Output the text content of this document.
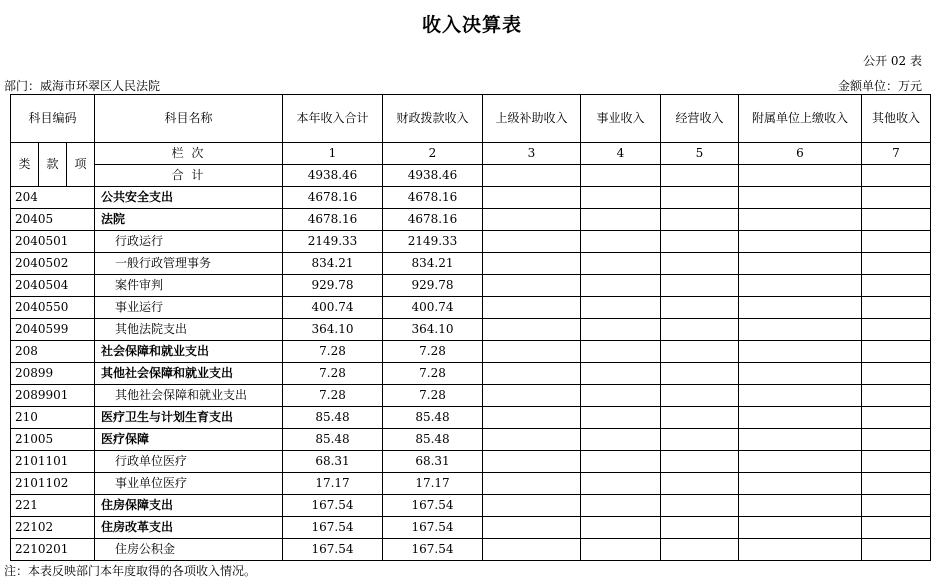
收入决算表
公开 02 表
部门：威海市环翠区人民法院	金额单位：万元
科目编码			科目名称	本年收入合计	财政拨款收入	上级补助收入	事业收入	经营收入	附属单位上缴收入	其他收入
类	款	项	栏 次	1	2	3	4	5	6	7
			合 计	4938.46	4938.46					
204			公共安全支出	4678.16	4678.16					
20405			法院	4678.16	4678.16					
2040501			行政运行	2149.33	2149.33					
2040502			一般行政管理事务	834.21	834.21					
2040504			案件审判	929.78	929.78					
2040550			事业运行	400.74	400.74					
2040599			其他法院支出	364.10	364.10					
208			社会保障和就业支出	7.28	7.28					
20899			其他社会保障和就业支出	7.28	7.28					
2089901			其他社会保障和就业支出	7.28	7.28					
210			医疗卫生与计划生育支出	85.48	85.48					
21005			医疗保障	85.48	85.48					
2101101			行政单位医疗	68.31	68.31					
2101102			事业单位医疗	17.17	17.17					
221			住房保障支出	167.54	167.54					
22102			住房改革支出	167.54	167.54					
2210201			住房公积金	167.54	167.54					
注：本表反映部门本年度取得的各项收入情况。
